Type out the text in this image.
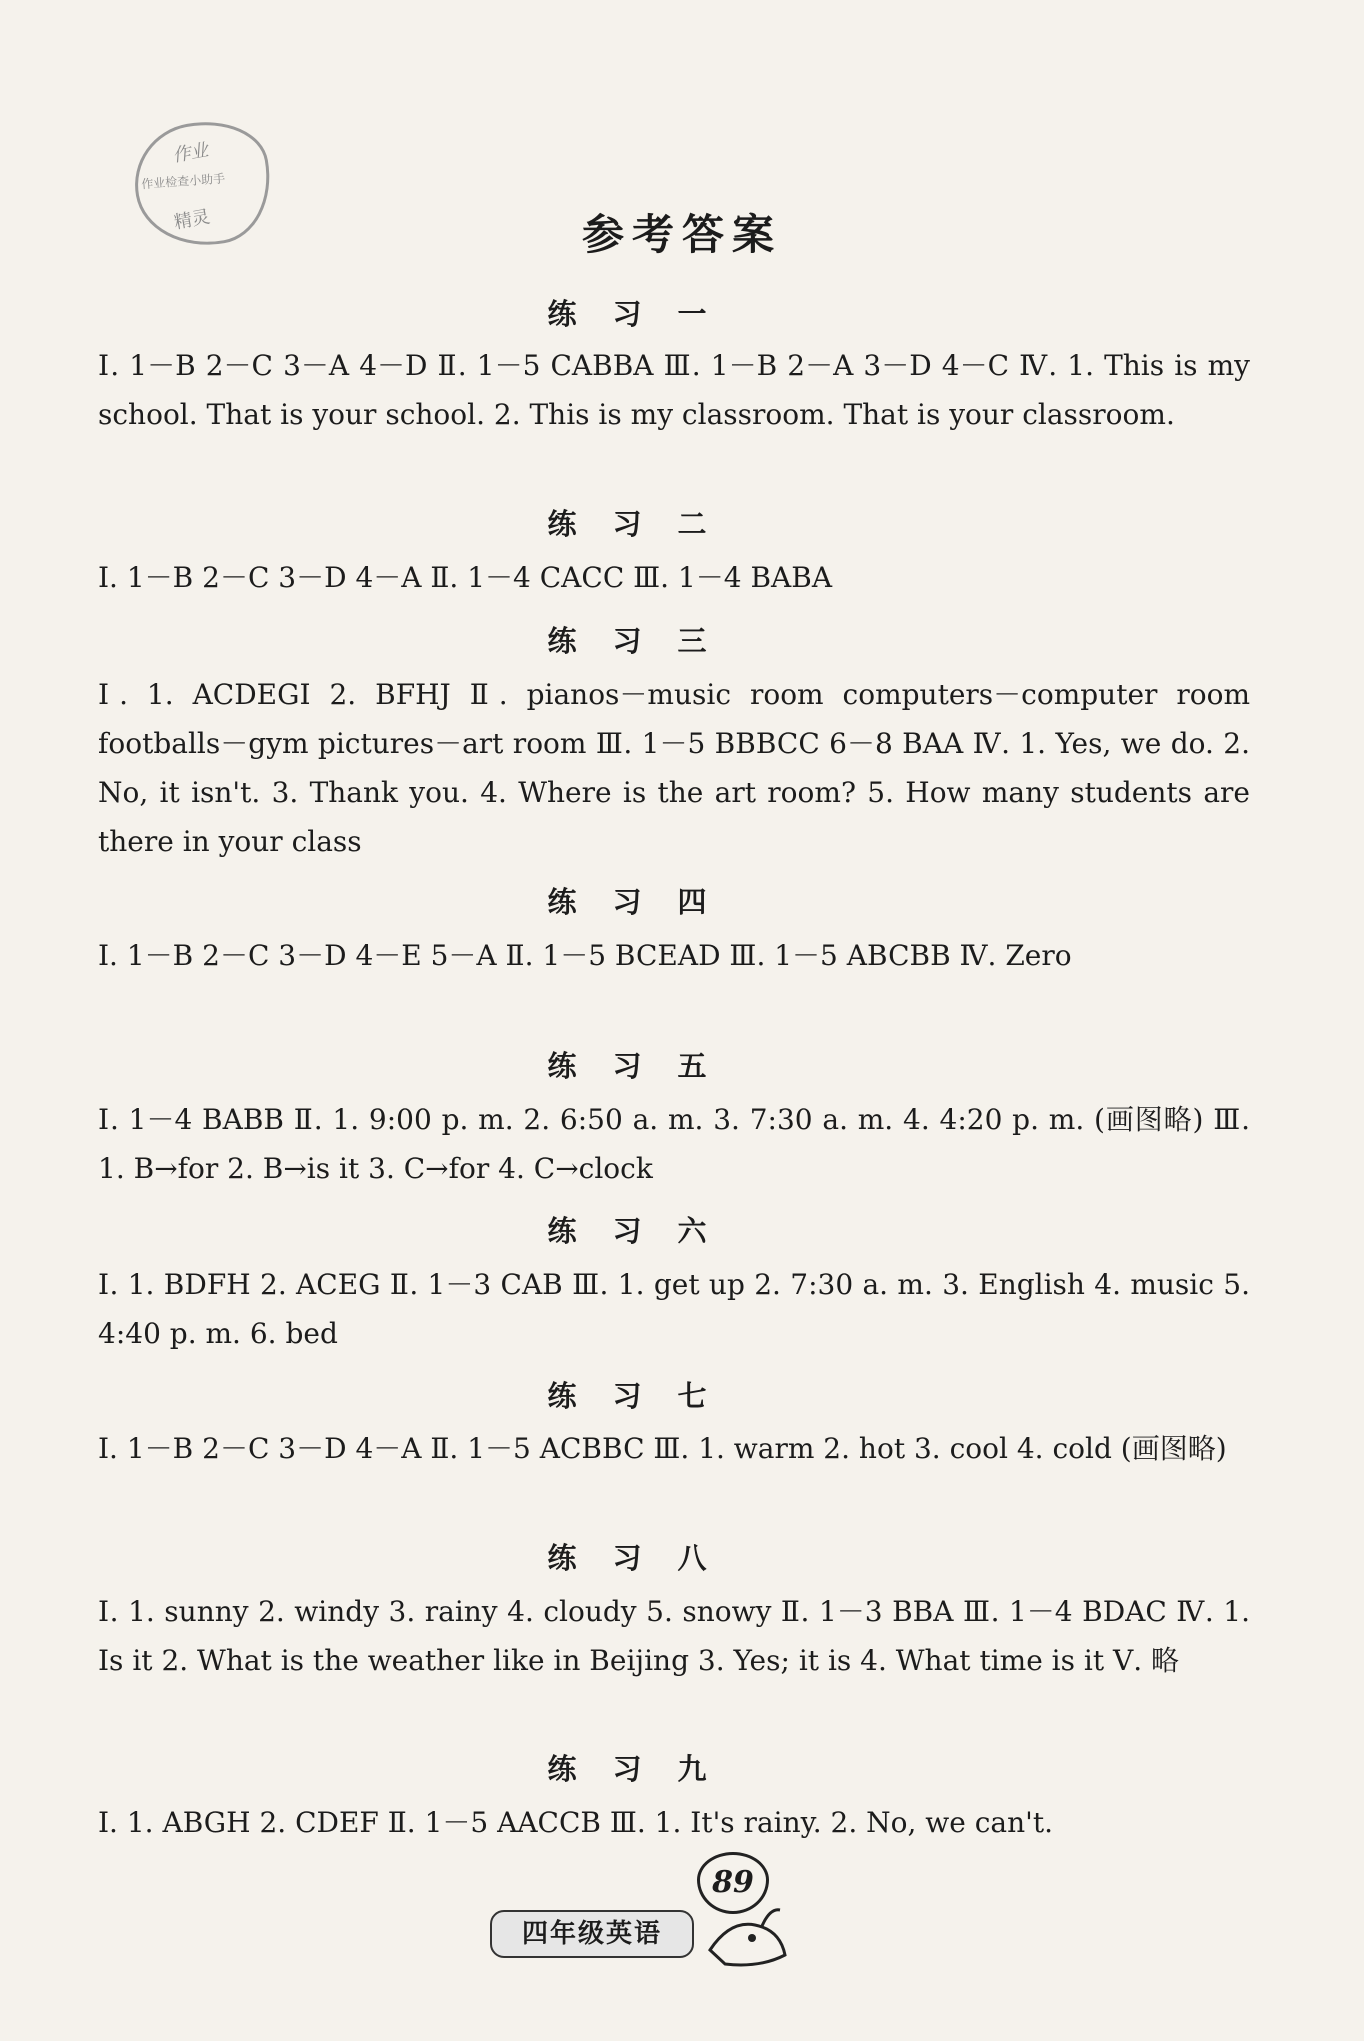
作业
作业检查小助手
精灵	参考答案
练习一
Ⅰ. 1－B 2－C 3－A 4－D Ⅱ. 1－5 CABBA Ⅲ. 1－B 2－A 3－D 4－C Ⅳ. 1. This is my school. That is your school. 2. This is my classroom. That is your classroom.
练习二
Ⅰ. 1－B 2－C 3－D 4－A Ⅱ. 1－4 CACC Ⅲ. 1－4 BABA
练习三
Ⅰ. 1. ACDEGI 2. BFHJ Ⅱ. pianos－music room computers－computer room footballs－gym pictures－art room Ⅲ. 1－5 BBBCC 6－8 BAA Ⅳ. 1. Yes, we do. 2. No, it isn't. 3. Thank you. 4. Where is the art room? 5. How many students are there in your class
练习四
Ⅰ. 1－B 2－C 3－D 4－E 5－A Ⅱ. 1－5 BCEAD Ⅲ. 1－5 ABCBB Ⅳ. Zero
练习五
Ⅰ. 1－4 BABB Ⅱ. 1. 9:00 p. m. 2. 6:50 a. m. 3. 7:30 a. m. 4. 4:20 p. m. (画图略) Ⅲ. 1. B→for 2. B→is it 3. C→for 4. C→clock
练习六
Ⅰ. 1. BDFH 2. ACEG Ⅱ. 1－3 CAB Ⅲ. 1. get up 2. 7:30 a. m. 3. English 4. music 5. 4:40 p. m. 6. bed
练习七
Ⅰ. 1－B 2－C 3－D 4－A Ⅱ. 1－5 ACBBC Ⅲ. 1. warm 2. hot 3. cool 4. cold (画图略)
练习八
Ⅰ. 1. sunny 2. windy 3. rainy 4. cloudy 5. snowy Ⅱ. 1－3 BBA Ⅲ. 1－4 BDAC Ⅳ. 1. Is it 2. What is the weather like in Beijing 3. Yes; it is 4. What time is it Ⅴ. 略
练习九
Ⅰ. 1. ABGH 2. CDEF Ⅱ. 1－5 AACCB Ⅲ. 1. It's rainy. 2. No, we can't.
89
四年级英语
